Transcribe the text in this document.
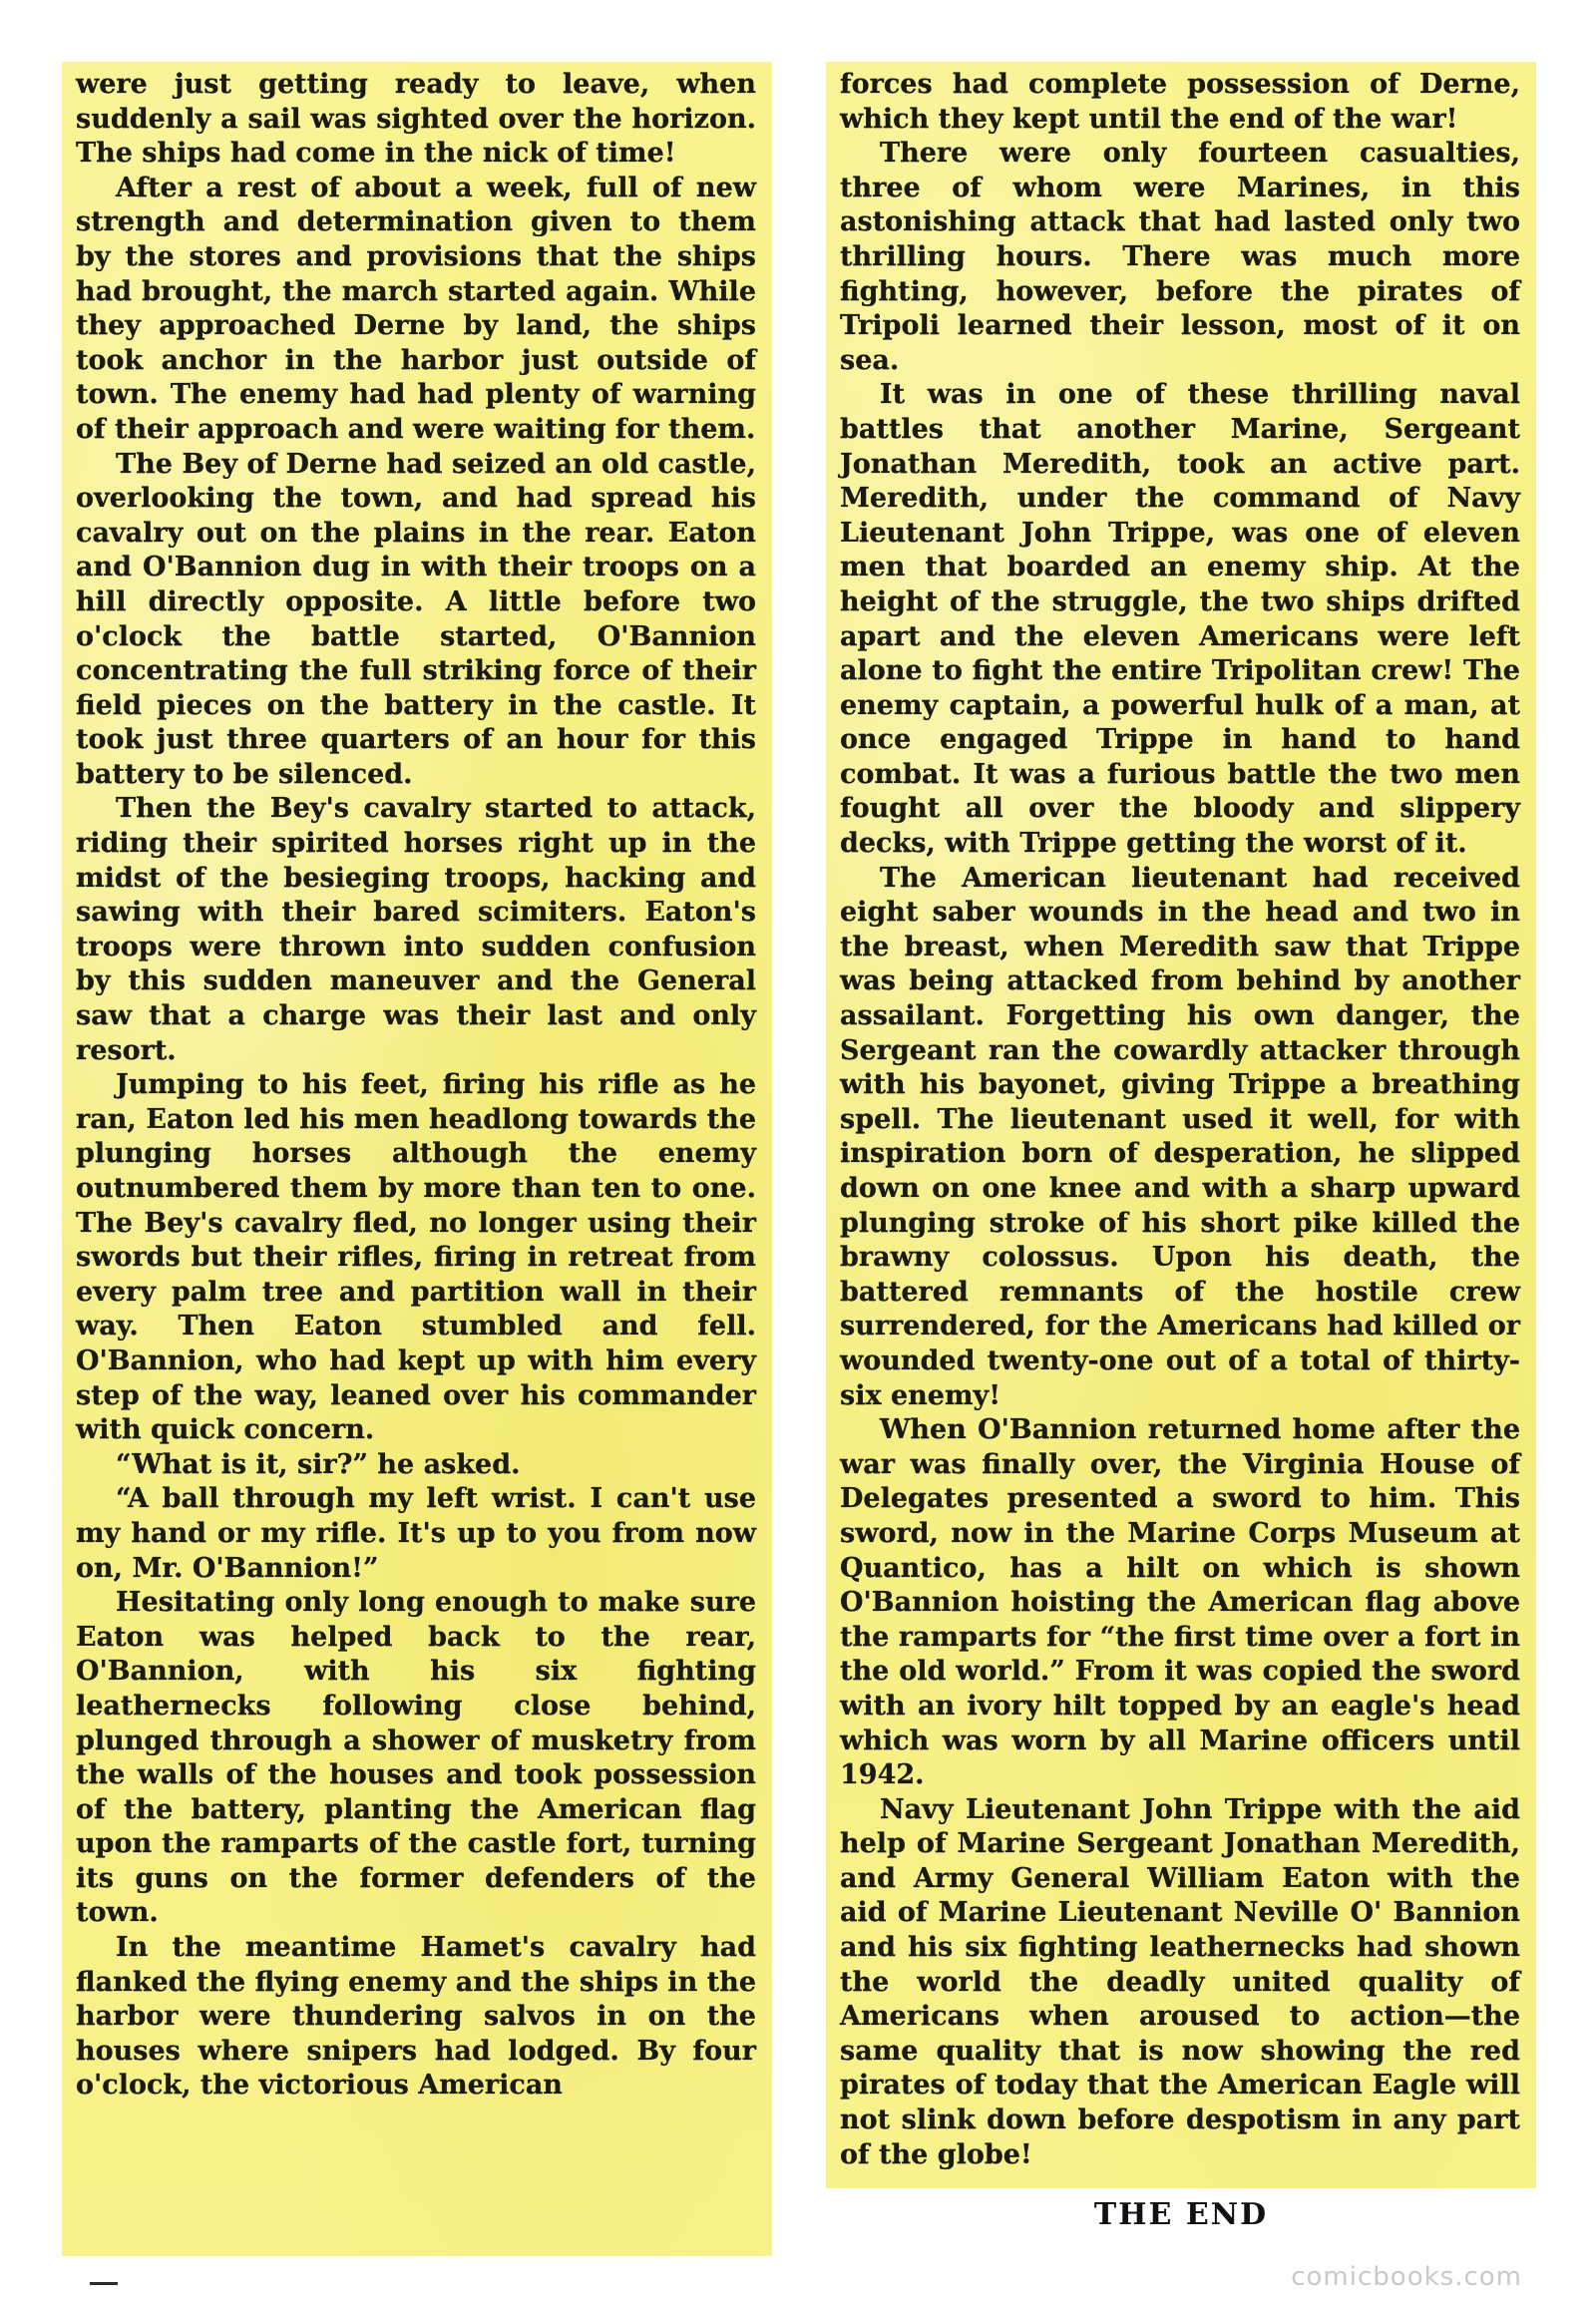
were just getting ready to leave, when suddenly a sail was sighted over the horizon. The ships had come in the nick of time!

After a rest of about a week, full of new strength and determination given to them by the stores and provisions that the ships had brought, the march started again. While they approached Derne by land, the ships took anchor in the harbor just outside of town. The enemy had had plenty of warning of their approach and were waiting for them.

The Bey of Derne had seized an old castle, overlooking the town, and had spread his cavalry out on the plains in the rear. Eaton and O'Bannion dug in with their troops on a hill directly opposite. A little before two o'clock the battle started, O'Bannion concentrating the full striking force of their field pieces on the battery in the castle. It took just three quarters of an hour for this battery to be silenced.

Then the Bey's cavalry started to attack, riding their spirited horses right up in the midst of the besieging troops, hacking and sawing with their bared scimiters. Eaton's troops were thrown into sudden confusion by this sudden maneuver and the General saw that a charge was their last and only resort.

Jumping to his feet, firing his rifle as he ran, Eaton led his men headlong towards the plunging horses although the enemy outnumbered them by more than ten to one. The Bey's cavalry fled, no longer using their swords but their rifles, firing in retreat from every palm tree and partition wall in their way. Then Eaton stumbled and fell. O'Bannion, who had kept up with him every step of the way, leaned over his commander with quick concern.

“What is it, sir?” he asked.

“A ball through my left wrist. I can't use my hand or my rifle. It's up to you from now on, Mr. O'Bannion!”

Hesitating only long enough to make sure Eaton was helped back to the rear, O'Bannion, with his six fighting leathernecks following close behind, plunged through a shower of musketry from the walls of the houses and took possession of the battery, planting the American flag upon the ramparts of the castle fort, turning its guns on the former defenders of the town.

In the meantime Hamet's cavalry had flanked the flying enemy and the ships in the harbor were thundering salvos in on the houses where snipers had lodged. By four o'clock, the victorious American

forces had complete possession of Derne, which they kept until the end of the war!

There were only fourteen casualties, three of whom were Marines, in this astonishing attack that had lasted only two thrilling hours. There was much more fighting, however, before the pirates of Tripoli learned their lesson, most of it on sea.

It was in one of these thrilling naval battles that another Marine, Sergeant Jonathan Meredith, took an active part. Meredith, under the command of Navy Lieutenant John Trippe, was one of eleven men that boarded an enemy ship. At the height of the struggle, the two ships drifted apart and the eleven Americans were left alone to fight the entire Tripolitan crew! The enemy captain, a powerful hulk of a man, at once engaged Trippe in hand to hand combat. It was a furious battle the two men fought all over the bloody and slippery decks, with Trippe getting the worst of it.

The American lieutenant had received eight saber wounds in the head and two in the breast, when Meredith saw that Trippe was being attacked from behind by another assailant. Forgetting his own danger, the Sergeant ran the cowardly attacker through with his bayonet, giving Trippe a breathing spell. The lieutenant used it well, for with inspiration born of desperation, he slipped down on one knee and with a sharp upward plunging stroke of his short pike killed the brawny colossus. Upon his death, the battered remnants of the hostile crew surrendered, for the Americans had killed or wounded twenty-one out of a total of thirty-six enemy!

When O'Bannion returned home after the war was finally over, the Virginia House of Delegates presented a sword to him. This sword, now in the Marine Corps Museum at Quantico, has a hilt on which is shown O'Bannion hoisting the American flag above the ramparts for “the first time over a fort in the old world.” From it was copied the sword with an ivory hilt topped by an eagle's head which was worn by all Marine officers until 1942.

Navy Lieutenant John Trippe with the aid help of Marine Sergeant Jonathan Meredith, and Army General William Eaton with the aid of Marine Lieutenant Neville O' Bannion and his six fighting leathernecks had shown the world the deadly united quality of Americans when aroused to action—the same quality that is now showing the red pirates of today that the American Eagle will not slink down before despotism in any part of the globe!

THE END
comicbooks.com
